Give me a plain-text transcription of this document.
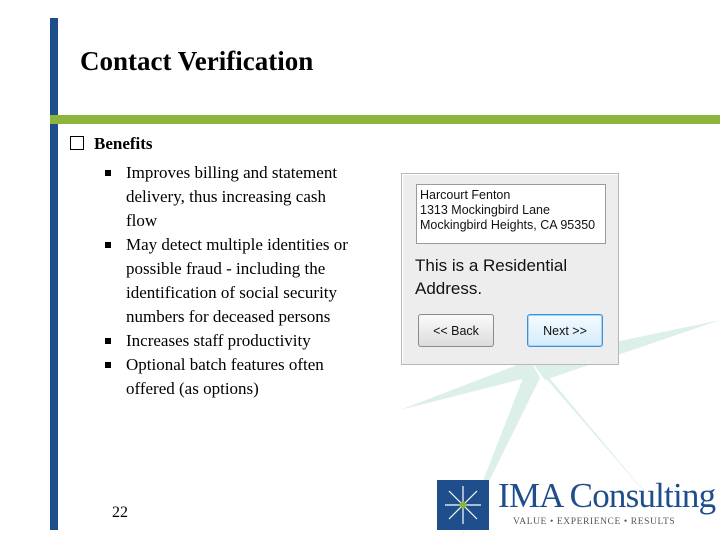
Contact Verification
Benefits
Improves billing and statement delivery, thus increasing cash flow
May detect multiple identities or possible fraud - including the identification of social security numbers for deceased persons
Increases staff productivity
Optional batch features often offered (as options)
Harcourt Fenton
1313 Mockingbird Lane
Mockingbird Heights, CA 95350
This is a Residential Address.
<< Back	Next >>
22	IMA Consulting
VALUE • EXPERIENCE • RESULTS
